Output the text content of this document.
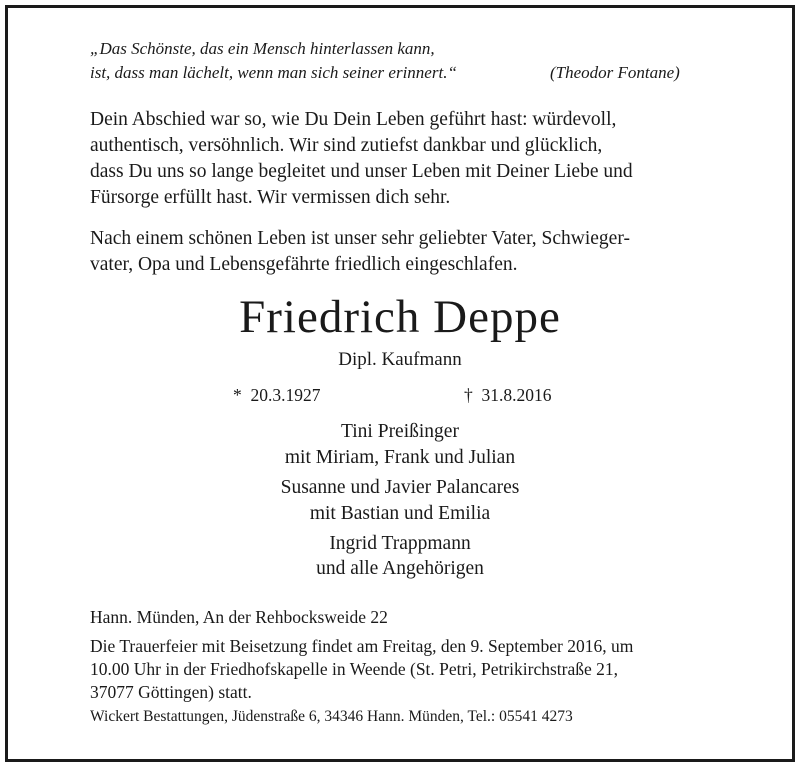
„Das Schönste, das ein Mensch hinterlassen kann,
ist, dass man lächelt, wenn man sich seiner erinnert.“	(Theodor Fontane)
Dein Abschied war so, wie Du Dein Leben geführt hast: würdevoll,
authentisch, versöhnlich. Wir sind zutiefst dankbar und glücklich,
dass Du uns so lange begleitet und unser Leben mit Deiner Liebe und
Fürsorge erfüllt hast. Wir vermissen dich sehr.
Nach einem schönen Leben ist unser sehr geliebter Vater, Schwieger-
vater, Opa und Lebensgefährte friedlich eingeschlafen.
Friedrich Deppe
Dipl. Kaufmann
* 20.3.1927	† 31.8.2016
Tini Preißinger
mit Miriam, Frank und Julian
Susanne und Javier Palancares
mit Bastian und Emilia
Ingrid Trappmann
und alle Angehörigen
Hann. Münden, An der Rehbocksweide 22
Die Trauerfeier mit Beisetzung findet am Freitag, den 9. September 2016, um
10.00 Uhr in der Friedhofskapelle in Weende (St. Petri, Petrikirchstraße 21,
37077 Göttingen) statt.
Wickert Bestattungen, Jüdenstraße 6, 34346 Hann. Münden, Tel.: 05541 4273
